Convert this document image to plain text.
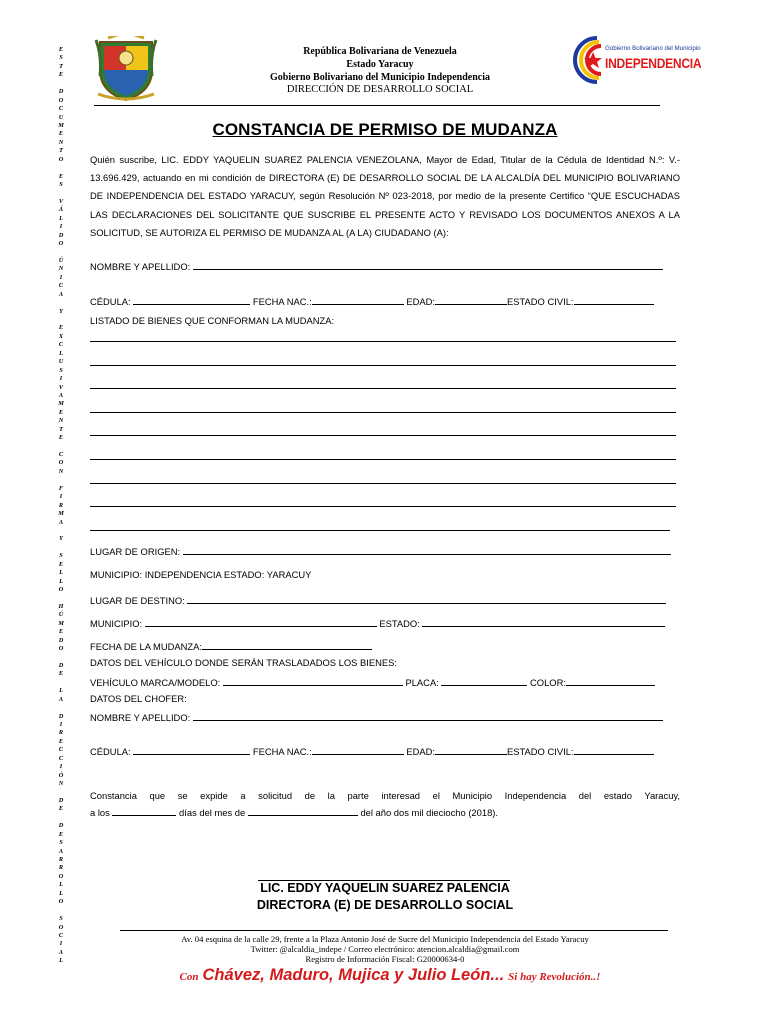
E
S
T
E
D
O
C
U
M
E
N
T
O
E
S
V
Á
L
I
D
O
Ú
N
I
C
A
Y
E
X
C
L
U
S
I
V
A
M
E
N
T
E
C
O
N
F
I
R
M
A
Y
S
E
L
L
O
H
Ú
M
E
D
O
D
E
L
A
D
I
R
E
C
C
I
Ó
N
D
E
D
E
S
A
R
R
O
L
L
O
S
O
C
I
A
L
República Bolivariana de Venezuela
Estado Yaracuy
Gobierno Bolivariano del Municipio Independencia
DIRECCIÓN DE DESARROLLO SOCIAL
Gobierno Bolivariano del Municipio
INDEPENDENCIA
CONSTANCIA DE PERMISO DE MUDANZA
Quién suscribe, LIC. EDDY YAQUELIN SUAREZ PALENCIA VENEZOLANA, Mayor de Edad, Titular de la Cédula de Identidad N.º: V.- 13.696.429, actuando en mi condición de DIRECTORA (E) DE DESARROLLO SOCIAL DE LA ALCALDÍA DEL MUNICIPIO BOLIVARIANO DE INDEPENDENCIA DEL ESTADO YARACUY, según Resolución Nº 023-2018, por medio de la presente Certifico “QUE ESCUCHADAS LAS DECLARACIONES DEL SOLICITANTE QUE SUSCRIBE EL PRESENTE ACTO Y REVISADO LOS DOCUMENTOS ANEXOS A LA SOLICITUD, SE AUTORIZA EL PERMISO DE MUDANZA AL (A LA) CIUDADANO (A):
NOMBRE Y APELLIDO:
CÉDULA:	FECHA NAC.:	EDAD:	ESTADO CIVIL:
LISTADO DE BIENES QUE CONFORMAN LA MUDANZA:
LUGAR DE ORIGEN:
MUNICIPIO: INDEPENDENCIA ESTADO: YARACUY
LUGAR DE DESTINO:
MUNICIPIO:	ESTADO:
FECHA DE LA MUDANZA:
DATOS DEL VEHÍCULO DONDE SERÁN TRASLADADOS LOS BIENES:
VEHÍCULO MARCA/MODELO:	PLACA:	COLOR:
DATOS DEL CHOFER:
NOMBRE Y APELLIDO:
CÉDULA:	FECHA NAC.:	EDAD:	ESTADO CIVIL:
Constancia que se expide a solicitud de la parte interesad el Municipio Independencia del estado Yaracuy,
a los	días del mes de	del año dos mil dieciocho (2018).
LIC. EDDY YAQUELIN SUAREZ PALENCIA
DIRECTORA (E) DE DESARROLLO SOCIAL
Av. 04 esquina de la calle 29, frente a la Plaza Antonio José de Sucre del Municipio Independencia del Estado Yaracuy
Twitter: @alcaldia_indepe / Correo electrónico: atencion.alcaldia@gmail.com
Registro de Información Fiscal: G20000634-0
Con Chávez, Maduro, Mujica y Julio León... Si hay Revolución..!
